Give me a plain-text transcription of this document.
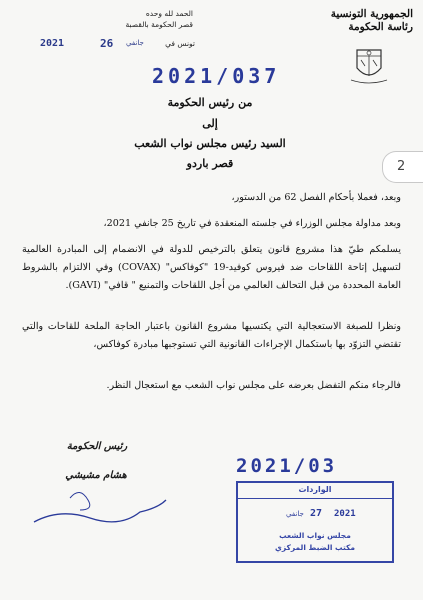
الجمهورية التونسية
رئاسة الحكومة
الحمد لله وحده
قصر الحكومة بالقصبة
2021	26 جانفي	تونس في
2021/037
من رئيس الحكومة
إلى
السيد رئيس مجلس نواب الشعب
قصر باردو	2

وبعد، فعملا بأحكام الفصل 62 من الدستور،

وبعد مداولة مجلس الوزراء في جلسته المنعقدة في تاريخ 25 جانفي 2021،

يسلمكم طيّ هذا مشروع قانون يتعلق بالترخيص للدولة في الانضمام إلى المبادرة العالمية لتسهيل إتاحة اللقاحات ضد فيروس كوفيد-19 "كوفاكس" (COVAX) وفي الالتزام بالشروط العامة المحددة من قبل التحالف العالمي من أجل اللقاحات والتمنيع " قافي" (GAVI).

ونظرا للصبغة الاستعجالية التي يكتسيها مشروع القانون باعتبار الحاجة الملحة للقاحات والتي تقتضي التزوّد بها باستكمال الإجراءات القانونية التي تستوجبها مبادرة كوفاكس،

فالرجاء منكم التفضل بعرضه على مجلس نواب الشعب مع استعجال النظر.

رئيس الحكومة
هشام مشيشي	2021/03
الواردات
جانفي 27 2021
مجلس نواب الشعب
مكتب الضبط المركزي
